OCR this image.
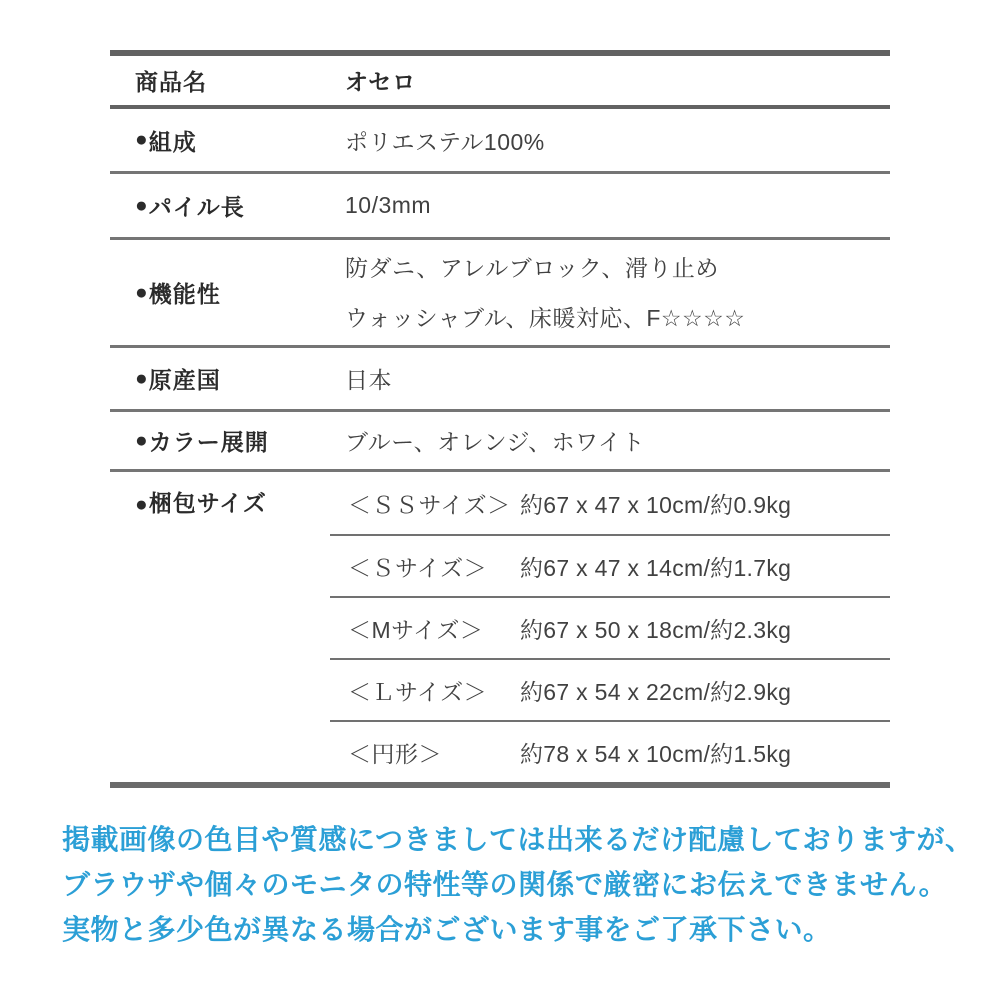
商品名	オセロ
● 組成	ポリエステル100%
● パイル長	10/3mm
● 機能性
防ダニ、アレルブロック、滑り止め
ウォッシャブル、床暖対応、F☆☆☆☆
● 原産国	日本
● カラー展開	ブルー、オレンジ、ホワイト
●梱包サイズ	＜ＳＳサイズ＞ 約67 x 47 x 10cm/約0.9kg
＜Ｓサイズ＞	約67 x 47 x 14cm/約1.7kg
＜Mサイズ＞	約67 x 50 x 18cm/約2.3kg
＜Ｌサイズ＞	約67 x 54 x 22cm/約2.9kg
＜円形＞	約78 x 54 x 10cm/約1.5kg
掲載画像の色目や質感につきましては出来るだけ配慮しておりますが、
ブラウザや個々のモニタの特性等の関係で厳密にお伝えできません。
実物と多少色が異なる場合がございます事をご了承下さい。
